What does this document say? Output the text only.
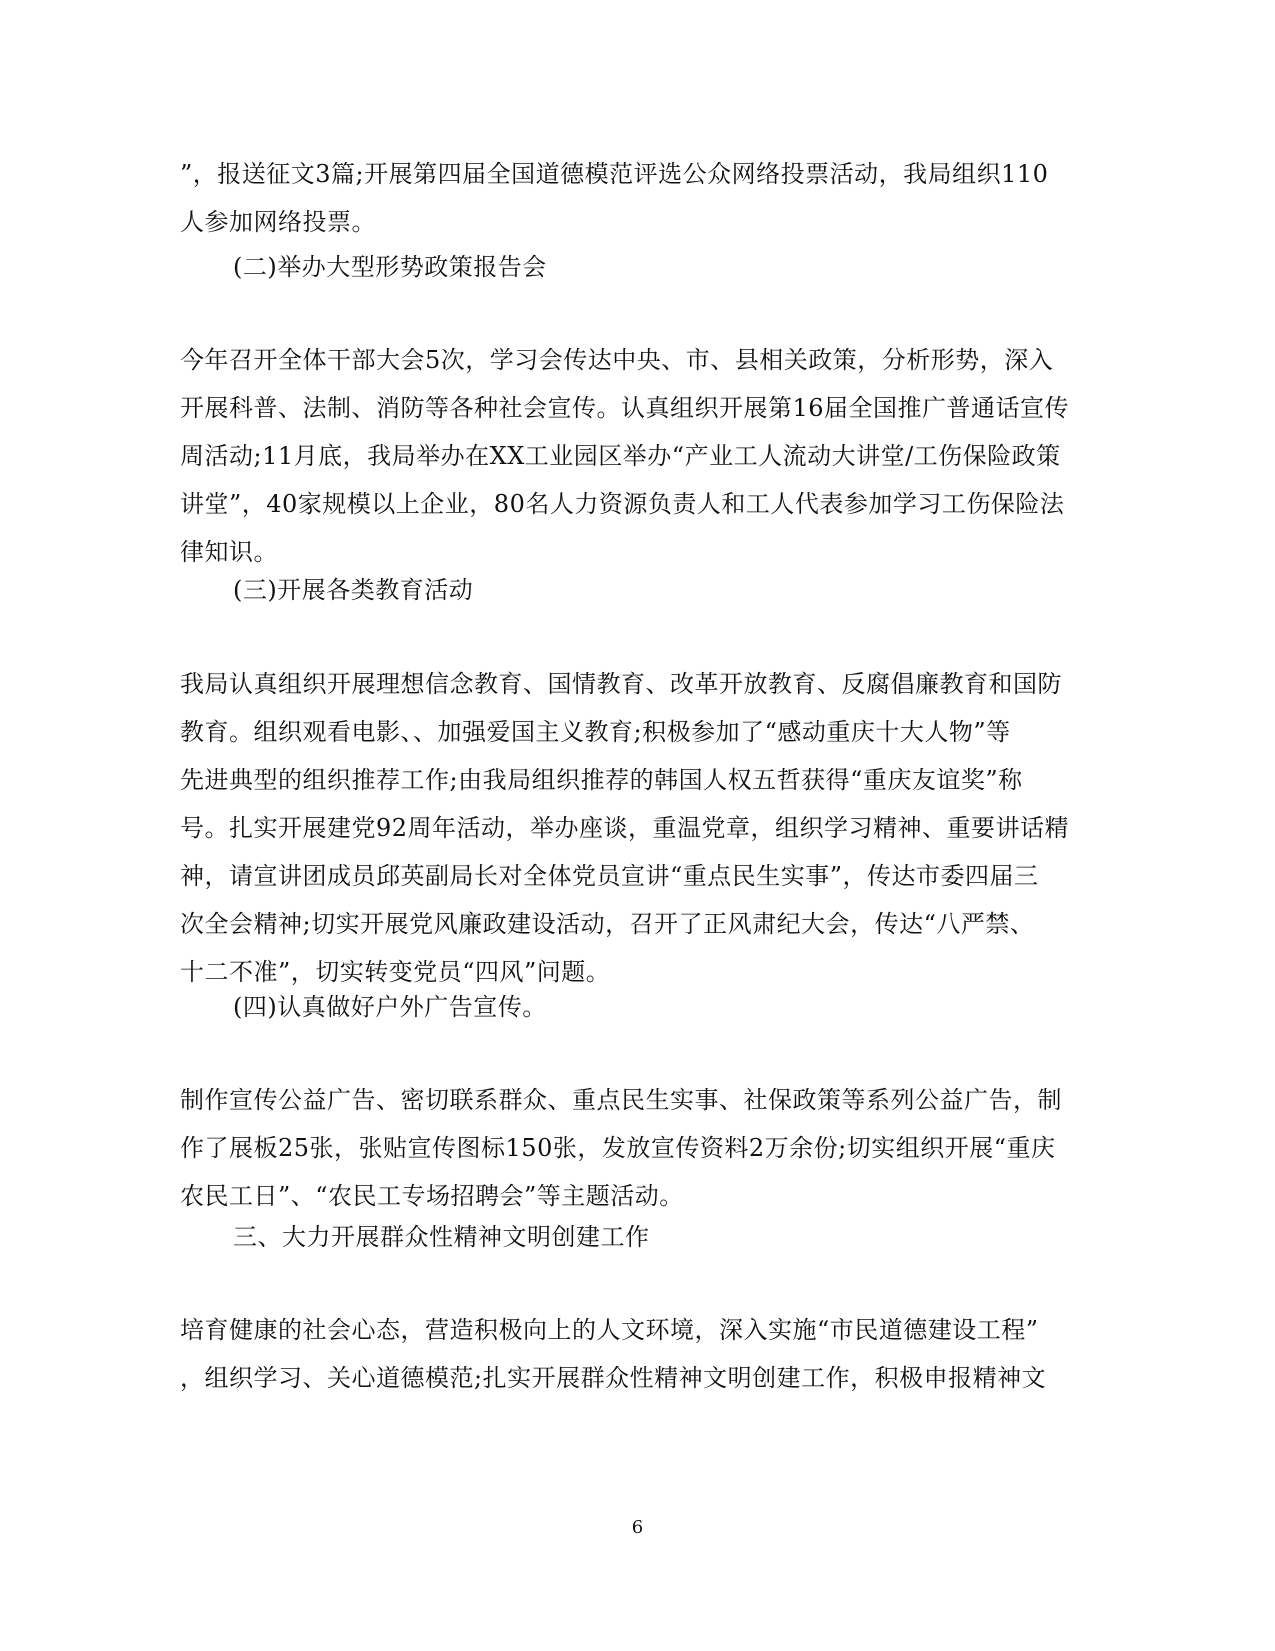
”，报送征文3篇;开展第四届全国道德模范评选公众网络投票活动，我局组织110
人参加网络投票。
(二)举办大型形势政策报告会
今年召开全体干部大会5次，学习会传达中央、市、县相关政策，分析形势，深入
开展科普、法制、消防等各种社会宣传。认真组织开展第16届全国推广普通话宣传
周活动;11月底，我局举办在XX工业园区举办“产业工人流动大讲堂/工伤保险政策
讲堂”，40家规模以上企业，80名人力资源负责人和工人代表参加学习工伤保险法
律知识。
(三)开展各类教育活动
我局认真组织开展理想信念教育、国情教育、改革开放教育、反腐倡廉教育和国防
教育。组织观看电影、、加强爱国主义教育;积极参加了“感动重庆十大人物”等
先进典型的组织推荐工作;由我局组织推荐的韩国人权五哲获得“重庆友谊奖”称
号。扎实开展建党92周年活动，举办座谈，重温党章，组织学习精神、重要讲话精
神，请宣讲团成员邱英副局长对全体党员宣讲“重点民生实事”，传达市委四届三
次全会精神;切实开展党风廉政建设活动，召开了正风肃纪大会，传达“八严禁、
十二不准”，切实转变党员“四风”问题。
(四)认真做好户外广告宣传。
制作宣传公益广告、密切联系群众、重点民生实事、社保政策等系列公益广告，制
作了展板25张，张贴宣传图标150张，发放宣传资料2万余份;切实组织开展“重庆
农民工日”、“农民工专场招聘会”等主题活动。
三、大力开展群众性精神文明创建工作
培育健康的社会心态，营造积极向上的人文环境，深入实施“市民道德建设工程”
，组织学习、关心道德模范;扎实开展群众性精神文明创建工作，积极申报精神文
6
